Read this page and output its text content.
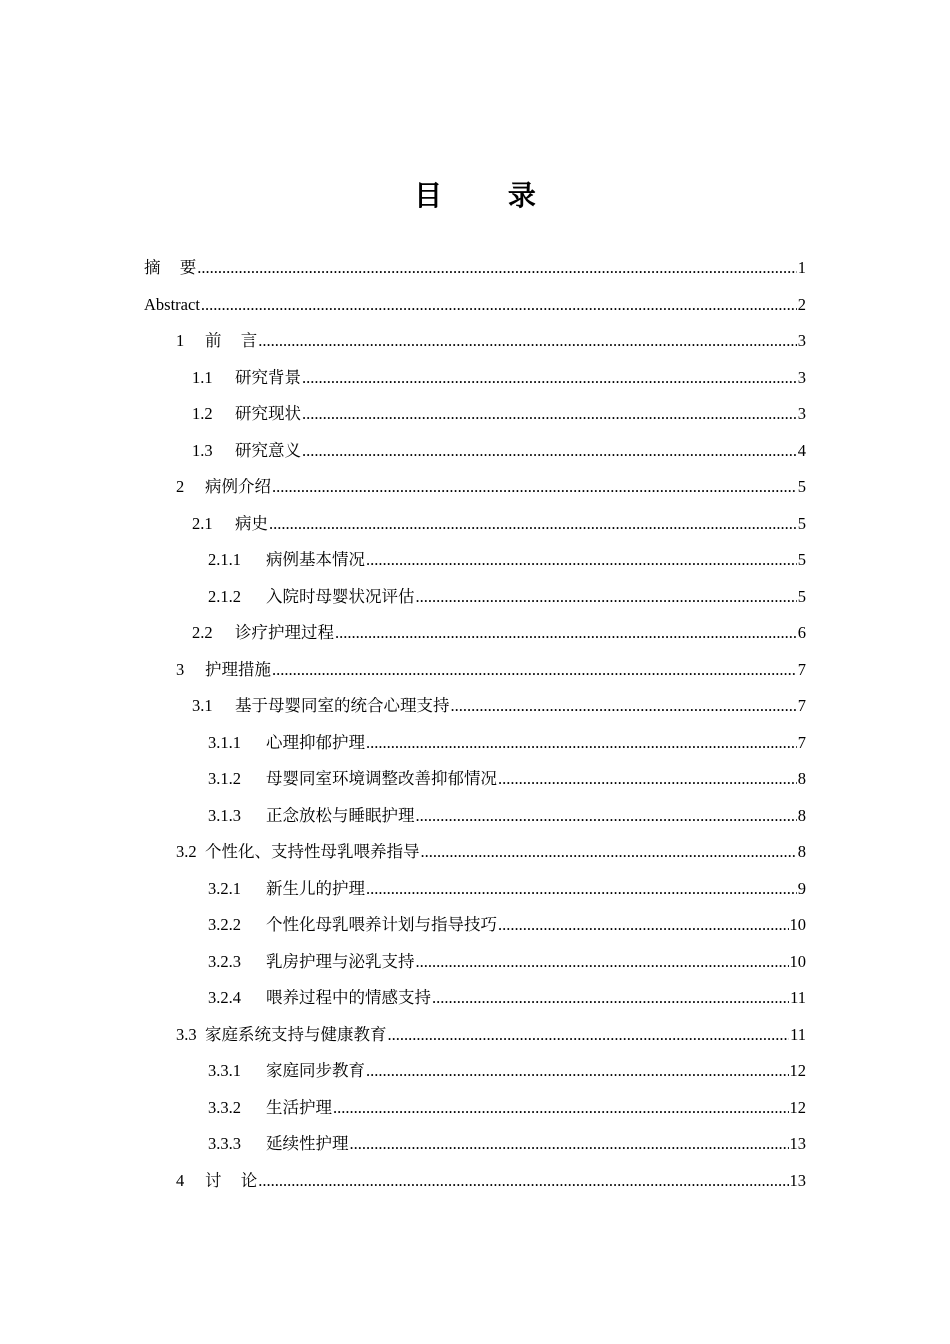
目 录
摘 要 .....	1
Abstract .....	2
1	前 言 .....	3
1.1	研究背景 .....	3
1.2	研究现状 .....	3
1.3	研究意义 .....	4
2	病例介绍 .....	5
2.1	病史 .....	5
2.1.1	病例基本情况 .....	5
2.1.2	入院时母婴状况评估 .....	5
2.2	诊疗护理过程 .....	6
3	护理措施 .....	7
3.1	基于母婴同室的统合心理支持 .....	7
3.1.1	心理抑郁护理 .....	7
3.1.2	母婴同室环境调整改善抑郁情况 .....	8
3.1.3	正念放松与睡眠护理 .....	8
3.2 个性化、支持性母乳喂养指导 .....	8
3.2.1	新生儿的护理 .....	9
3.2.2	个性化母乳喂养计划与指导技巧 .....	10
3.2.3	乳房护理与泌乳支持 .....	10
3.2.4	喂养过程中的情感支持 .....	11
3.3 家庭系统支持与健康教育 .....	11
3.3.1	家庭同步教育 .....	12
3.3.2	生活护理 .....	12
3.3.3	延续性护理 .....	13
4	讨 论 .....	13
